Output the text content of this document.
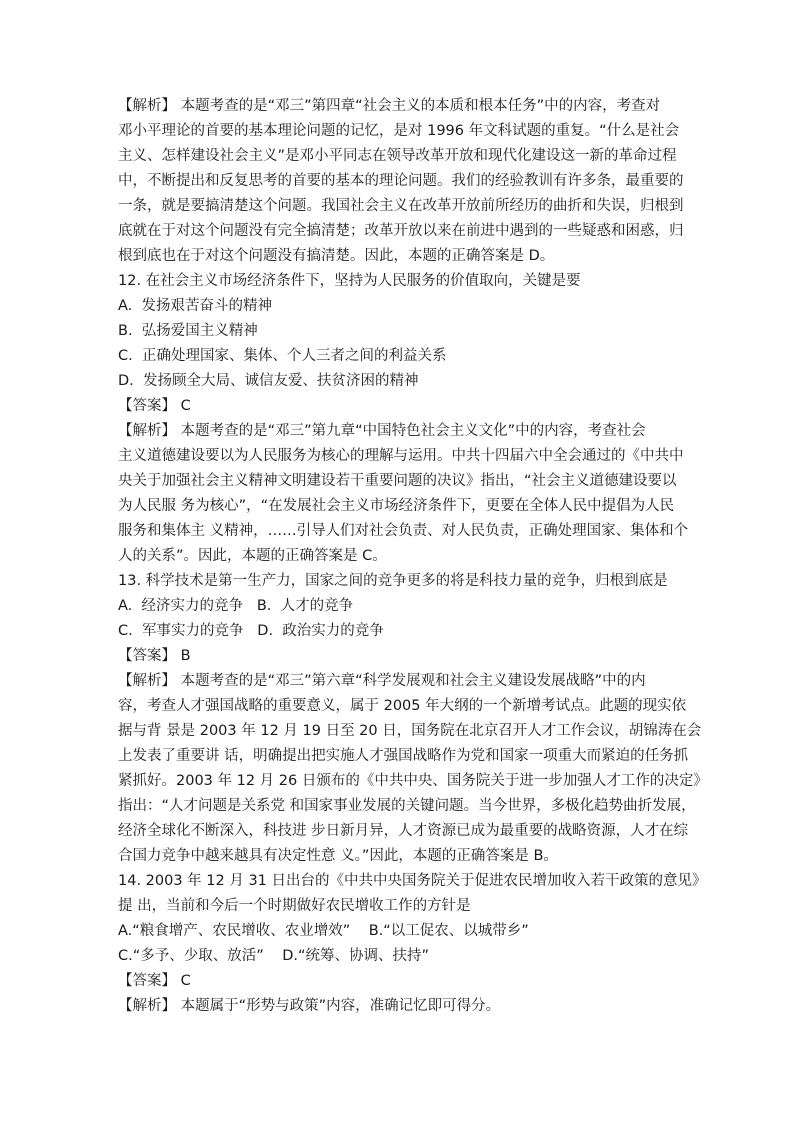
【解析】 本题考查的是“邓三”第四章“社会主义的本质和根本任务”中的内容，考查对
邓小平理论的首要的基本理论问题的记忆，是对 1996 年文科试题的重复。“什么是社会
主义、怎样建设社会主义”是邓小平同志在领导改革开放和现代化建设这一新的革命过程
中，不断提出和反复思考的首要的基本的理论问题。我们的经验教训有许多条，最重要的
一条，就是要搞清楚这个问题。我国社会主义在改革开放前所经历的曲折和失误，归根到
底就在于对这个问题没有完全搞清楚；改革开放以来在前进中遇到的一些疑惑和困惑，归
根到底也在于对这个问题没有搞清楚。因此，本题的正确答案是 D。
12. 在社会主义市场经济条件下，坚持为人民服务的价值取向，关键是要
A.  发扬艰苦奋斗的精神
B.  弘扬爱国主义精神
C.  正确处理国家、集体、个人三者之间的利益关系
D.  发扬顾全大局、诚信友爱、扶贫济困的精神
【答案】 C
【解析】 本题考查的是“邓三”第九章“中国特色社会主义文化”中的内容，考查社会
主义道德建设要以为人民服务为核心的理解与运用。中共十四届六中全会通过的《中共中
央关于加强社会主义精神文明建设若干重要问题的决议》指出，“社会主义道德建设要以
为人民服 务为核心”，“在发展社会主义市场经济条件下，更要在全体人民中提倡为人民
服务和集体主 义精神，……引导人们对社会负责、对人民负责，正确处理国家、集体和个
人的关系”。因此，本题的正确答案是 C。
13. 科学技术是第一生产力，国家之间的竞争更多的将是科技力量的竞争，归根到底是
A.  经济实力的竞争   B.  人才的竞争
C.  军事实力的竞争   D.  政治实力的竞争
【答案】 B
【解析】 本题考查的是“邓三”第六章“科学发展观和社会主义建设发展战略”中的内
容，考查人才强国战略的重要意义，属于 2005 年大纲的一个新增考试点。此题的现实依
据与背 景是 2003 年 12 月 19 日至 20 日，国务院在北京召开人才工作会议，胡锦涛在会
上发表了重要讲 话，明确提出把实施人才强国战略作为党和国家一项重大而紧迫的任务抓
紧抓好。2003 年 12 月 26 日颁布的《中共中央、国务院关于进一步加强人才工作的决定》
指出：“人才问题是关系党 和国家事业发展的关键问题。当今世界，多极化趋势曲折发展，
经济全球化不断深入，科技进 步日新月异，人才资源已成为最重要的战略资源，人才在综
合国力竞争中越来越具有决定性意 义。”因此，本题的正确答案是 B。
14. 2003 年 12 月 31 日出台的《中共中央国务院关于促进农民增加收入若干政策的意见》
提 出，当前和今后一个时期做好农民增收工作的方针是
A.“粮食增产、农民增收、农业增效”    B.“以工促农、以城带乡”
C.“多予、少取、放活”    D.“统筹、协调、扶持”
【答案】 C
【解析】 本题属于“形势与政策”内容，准确记忆即可得分。
